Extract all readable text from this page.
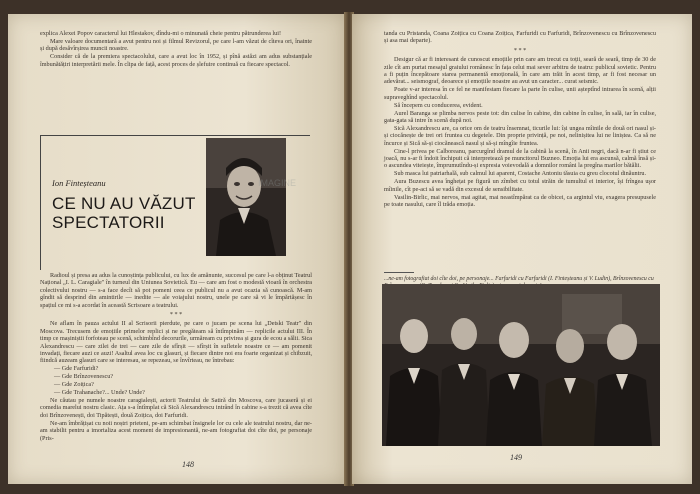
explica Alexei Popov caracterul lui Hlestakov, dîndu-mi o minunată cheie pentru pătrunderea lui!

Mare valoare documentară a avut pentru noi și filmul Revizorul, pe care l-am văzut de cîteva ori, înainte și după desăvîrșirea muncii noastre.

Consider că de la premiera spectacolului, care a avut loc în 1952, și pînă astăzi am adus substanțiale îmbunătățiri interpretării mele. În clipa de față, acest proces de șlefuire continuă cu fiecare spectacol.

Ion Finteșteanu
CE NU AU VĂZUT SPECTATORII
IMAGINE

Radioul și presa au adus la cunoștința publicului, cu lux de amănunte, succesul pe care l-a obținut Teatrul Național „I. L. Caragiale" în turneul din Uniunea Sovietică. Eu — care am fost o modestă vioară în orchestra colectivului nostru — s-a face decît să pot pomeni ceea ce publicul nu a avut ocazia să cunoască. M-am gîndit să desprind din amintirile — inedite — ale voiajului nostru, unele pe care să vi le împărtășesc în spațiul ce mi s-a acordat în această Scrisoare a teatrului.

* * *

Ne aflam în pauza actului II al Scrisorii pierdute, pe care o jucam pe scena lui „Detski Teatr" din Moscova. Trecusem de emoțiile primelor replici și ne pregăteam să întîmpinăm — replicile actului III. În timp ce mașiniștii forfoteau pe scenă, schimbînd decorurile, urmăream cu privirea și gura de ecou a sălii. Sica Alexandrescu — care zilei de trei — care zile de sfîrșit — sfîrșit în sufletele noastre ce — am pomenit invadați, fiecare auzi ce auzi! Asaltul avea loc cu glasuri, și fiecare dintre noi era foarte organizat și chibzuit, fiindcă auzeam glasuri care se interesau, se repezeau, se învîrteau, ne întrebau:

— Gde Farfuridi?

— Gde Brînzovenescu?

— Gde Zoițica?

— Gde Trahanache?... Unde? Unde?

Ne căutau pe numele noastre caragialești, actorii Teatrului de Satiră din Moscova, care jucaseră și ei comedia marelui nostru clasic. Ața s-a întîmplat că Sică Alexandrescu intrând în cabine s-a trezit că avea cîte doi Brînzovenești, doi Tipătești, două Zoițica, doi Farfuridi.

Ne-am îmbrățișat cu noii noștri prieteni, pe-am schimbat însignele lor cu cele ale teatrului nostru, dar ne-am stabilit pentru a imortaliza acest moment de impresionantă, ne-am fotografiat doi cîte doi, pe personaje (Pris-

148

tanda cu Pristanda, Coana Zoițica cu Coana Zoițica, Farfuridi cu Farfuridi, Brînzovenescu cu Brînzovenescu și asa mai departe).

* * *

Desigur că ar fi interesant de cunoscut emoțiile prin care am trecut cu toții, seară de seară, timp de 30 de zile cît am purtat mesajul graiului românesc în fața celui mai sever arbitru de teatru: publicul sovietic. Pentru a fi puțin începătoare starea permanentă emoțională, în care am trăit în acest timp, ar fi fost necesar un adevărat... seismograf, deoarece și emoțiile noastre au avut un caracter... curat seismic.

Poate v-ar interesa în ce fel ne manifestam fiecare la parte în culise, unii așteptînd intrarea în scenă, alții supraveghînd spectacolul.

Să începem cu conducerea, evident.

Aurel Baranga se plimba nervos peste tot: din culise în cabine, din cabine în culise, în sală, iar în culise, gata-gata să intre în scenă după noi.

Sică Alexandrescu are, ca orice om de teatru însemnat, ticurile lui: își ungea mîinile de două ori nasul și-și ciocănește de trei ori fruntea cu degetele. Din proprie privință, pe noi, nelinișitea lui ne liniștea. Ca să ne încurce și Sică să-și ciocănească nasul și să-și mîngîie fruntea.

Cine-l privea pe Calboreanu, parcurgînd dramul de la cabină la scenă, în Anii negri, dacă n-ar fi știut ce joacă, nu s-ar fi îndoit închipuit că interpretează pe muncitorul Buzneo. Emoția lui era ascunsă, calmă însă și-o ascundea viteiește, împrumutîndu-și expresia voievodală a domnilor români la pregîna marilor bătălii.

Sub masca lui patriarhală, sub calmul lui aparent, Costache Antoniu tăsuia cu greu clocotul dinăuntru.

Aura Buzescu avea înghețat pe figură un zîmbet cu totul străin de tumultul ei interior, își frîngea uşor mîinile, cît pe-aci să se vadă din excesul de sensibilitate.

Vasilin-Birlic, mai nervos, mai agitat, mai neastîmpărat ca de obicei, ca argintul viu, exagera presupusele pe toate nasului, care îl trăda emoția.

...ne-am fotografiat doi cîte doi, pe personaje... Farfuridi cu Farfuridi (I. Finteșteanu și V. Ludin), Brînzovenescu cu
149
